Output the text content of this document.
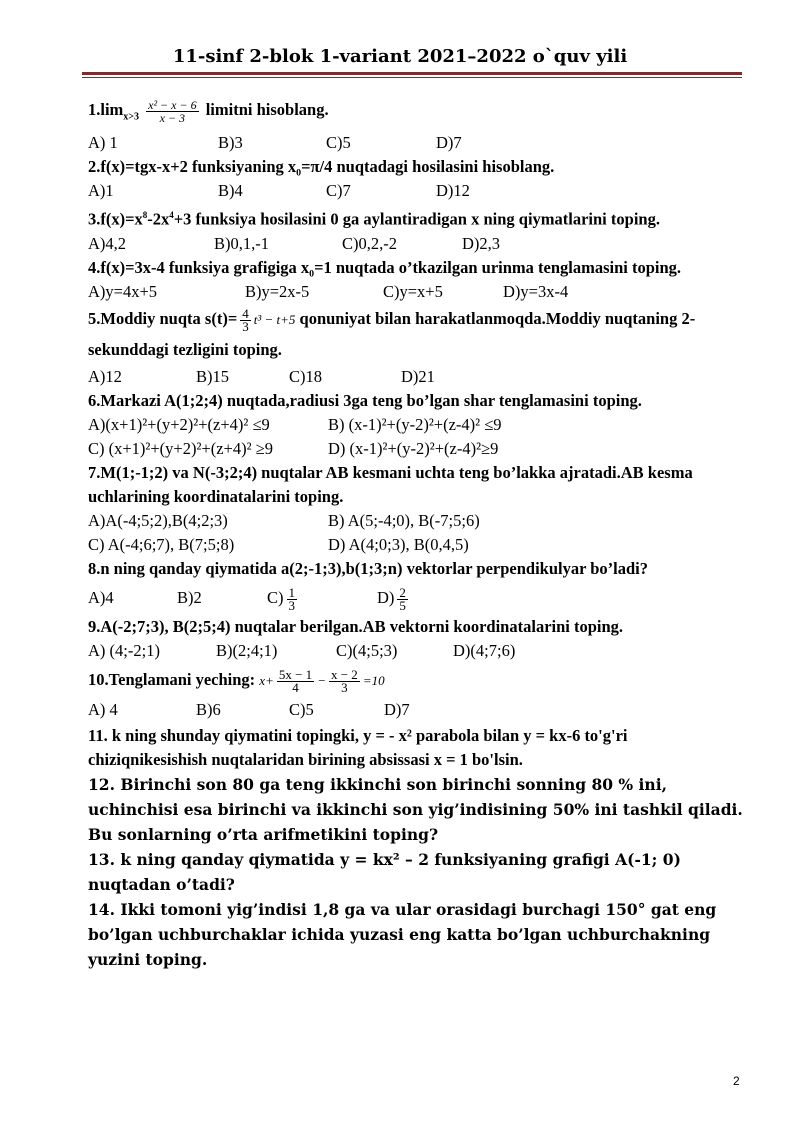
11-sinf 2-blok 1-variant 2021–2022 o`quv yili
$1.\lim_{x>3} \frac{\text{x² − x − 6}}{x - 3}$ limitni hisoblang.
A) 1	B)3	C)5	D)7
2.f(x)=tgx-x+2 funksiyaning x₀=π/4 nuqtadagi hosilasini hisoblang.
A)1	B)4	C)7	D)12
$3.f(x)=x^8-2x^4+3$ funksiya hosilasini 0 ga aylantiradigan x ning qiymatlarini toping.
A)4,2	B)0,1,-1	C)0,2,-2	D)2,3
4.f(x)=3x-4 funksiya grafigiga x₀=1 nuqtada o’tkazilgan urinma tenglamasini toping.
A)y=4x+5	B)y=2x-5	C)y=x+5	D)y=3x-4
5.Moddiy nuqta $s(t)= \frac{4}{3} t^3 - t+5$ qonuniyat bilan harakatlanmoqda.Moddiy nuqtaning 2-sekunddagi tezligini toping.
A)12	B)15	C)18	D)21
6.Markazi A(1;2;4) nuqtada,radiusi 3ga teng bo’lgan shar tenglamasini toping.
A)(x+1)²+(y+2)²+(z+4)² ≤9	B) (x-1)²+(y-2)²+(z-4)² ≤9
C) (x+1)²+(y+2)²+(z+4)² ≥9	D) (x-1)²+(y-2)²+(z-4)²≥9
7.M(1;-1;2) va N(-3;2;4) nuqtalar AB kesmani uchta teng bo’lakka ajratadi.AB kesma uchlarining koordinatalarini toping.
A)A(-4;5;2),B(4;2;3)	B) A(5;-4;0), B(-7;5;6)
C) A(-4;6;7), B(7;5;8)	D) A(4;0;3), B(0,4,5)
8.n ning qanday qiymatida a(2;-1;3),b(1;3;n) vektorlar perpendikulyar bo’ladi?
A)4	B)2	$C) \frac{1}{3}$	$D) \frac{2}{5}$
9.A(-2;7;3), B(2;5;4) nuqtalar berilgan.AB vektorni koordinatalarini toping.
A) (4;-2;1)	B)(2;4;1)	C)(4;5;3)	D)(4;7;6)
10.Tenglamani yeching: $x+ \frac{5x - 1}{4} - \frac{x - 2}{3} =10$
A) 4	B)6	C)5	D)7
11. k ning shunday qiymatini topingki, y = - x² parabola bilan y = kx-6 to'g'ri chiziqnikesishish nuqtalaridan birining absissasi x = 1 bo'lsin.
12. Birinchi son 80 ga teng ikkinchi son birinchi sonning 80 % ini, uchinchisi esa birinchi va ikkinchi son yig’indisining 50% ini tashkil qiladi. Bu sonlarning o’rta arifmetikini toping?
13. k ning qanday qiymatida y = kx² – 2 funksiyaning grafigi A(-1; 0) nuqtadan o’tadi?
14. Ikki tomoni yig’indisi 1,8 ga va ular orasidagi burchagi 150° gat eng bo’lgan uchburchaklar ichida yuzasi eng katta bo’lgan uchburchakning yuzini toping.
2
